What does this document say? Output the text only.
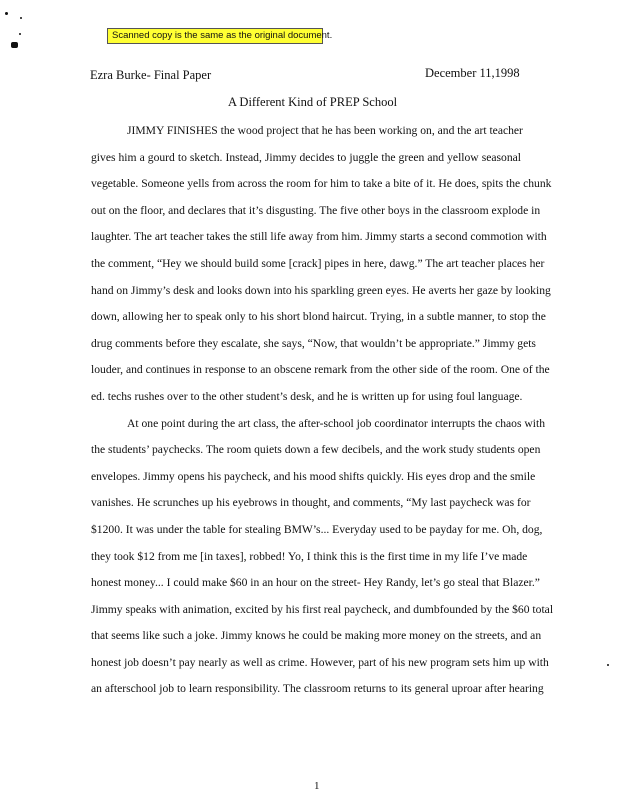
Scanned copy is the same as the original document.
Ezra Burke- Final Paper	December 11,1998
A Different Kind of PREP School
JIMMY FINISHES the wood project that he has been working on, and the art teacher
gives him a gourd to sketch. Instead, Jimmy decides to juggle the green and yellow seasonal
vegetable. Someone yells from across the room for him to take a bite of it. He does, spits the chunk
out on the floor, and declares that it’s disgusting. The five other boys in the classroom explode in
laughter. The art teacher takes the still life away from him. Jimmy starts a second commotion with
the comment, “Hey we should build some [crack] pipes in here, dawg.” The art teacher places her
hand on Jimmy’s desk and looks down into his sparkling green eyes. He averts her gaze by looking
down, allowing her to speak only to his short blond haircut. Trying, in a subtle manner, to stop the
drug comments before they escalate, she says, “Now, that wouldn’t be appropriate.” Jimmy gets
louder, and continues in response to an obscene remark from the other side of the room. One of the
ed. techs rushes over to the other student’s desk, and he is written up for using foul language.
At one point during the art class, the after-school job coordinator interrupts the chaos with
the students’ paychecks. The room quiets down a few decibels, and the work study students open
envelopes. Jimmy opens his paycheck, and his mood shifts quickly. His eyes drop and the smile
vanishes. He scrunches up his eyebrows in thought, and comments, “My last paycheck was for
$1200. It was under the table for stealing BMW’s... Everyday used to be payday for me. Oh, dog,
they took $12 from me [in taxes], robbed! Yo, I think this is the first time in my life I’ve made
honest money... I could make $60 in an hour on the street- Hey Randy, let’s go steal that Blazer.”
Jimmy speaks with animation, excited by his first real paycheck, and dumbfounded by the $60 total
that seems like such a joke. Jimmy knows he could be making more money on the streets, and an
honest job doesn’t pay nearly as well as crime. However, part of his new program sets him up with
an afterschool job to learn responsibility. The classroom returns to its general uproar after hearing
1
